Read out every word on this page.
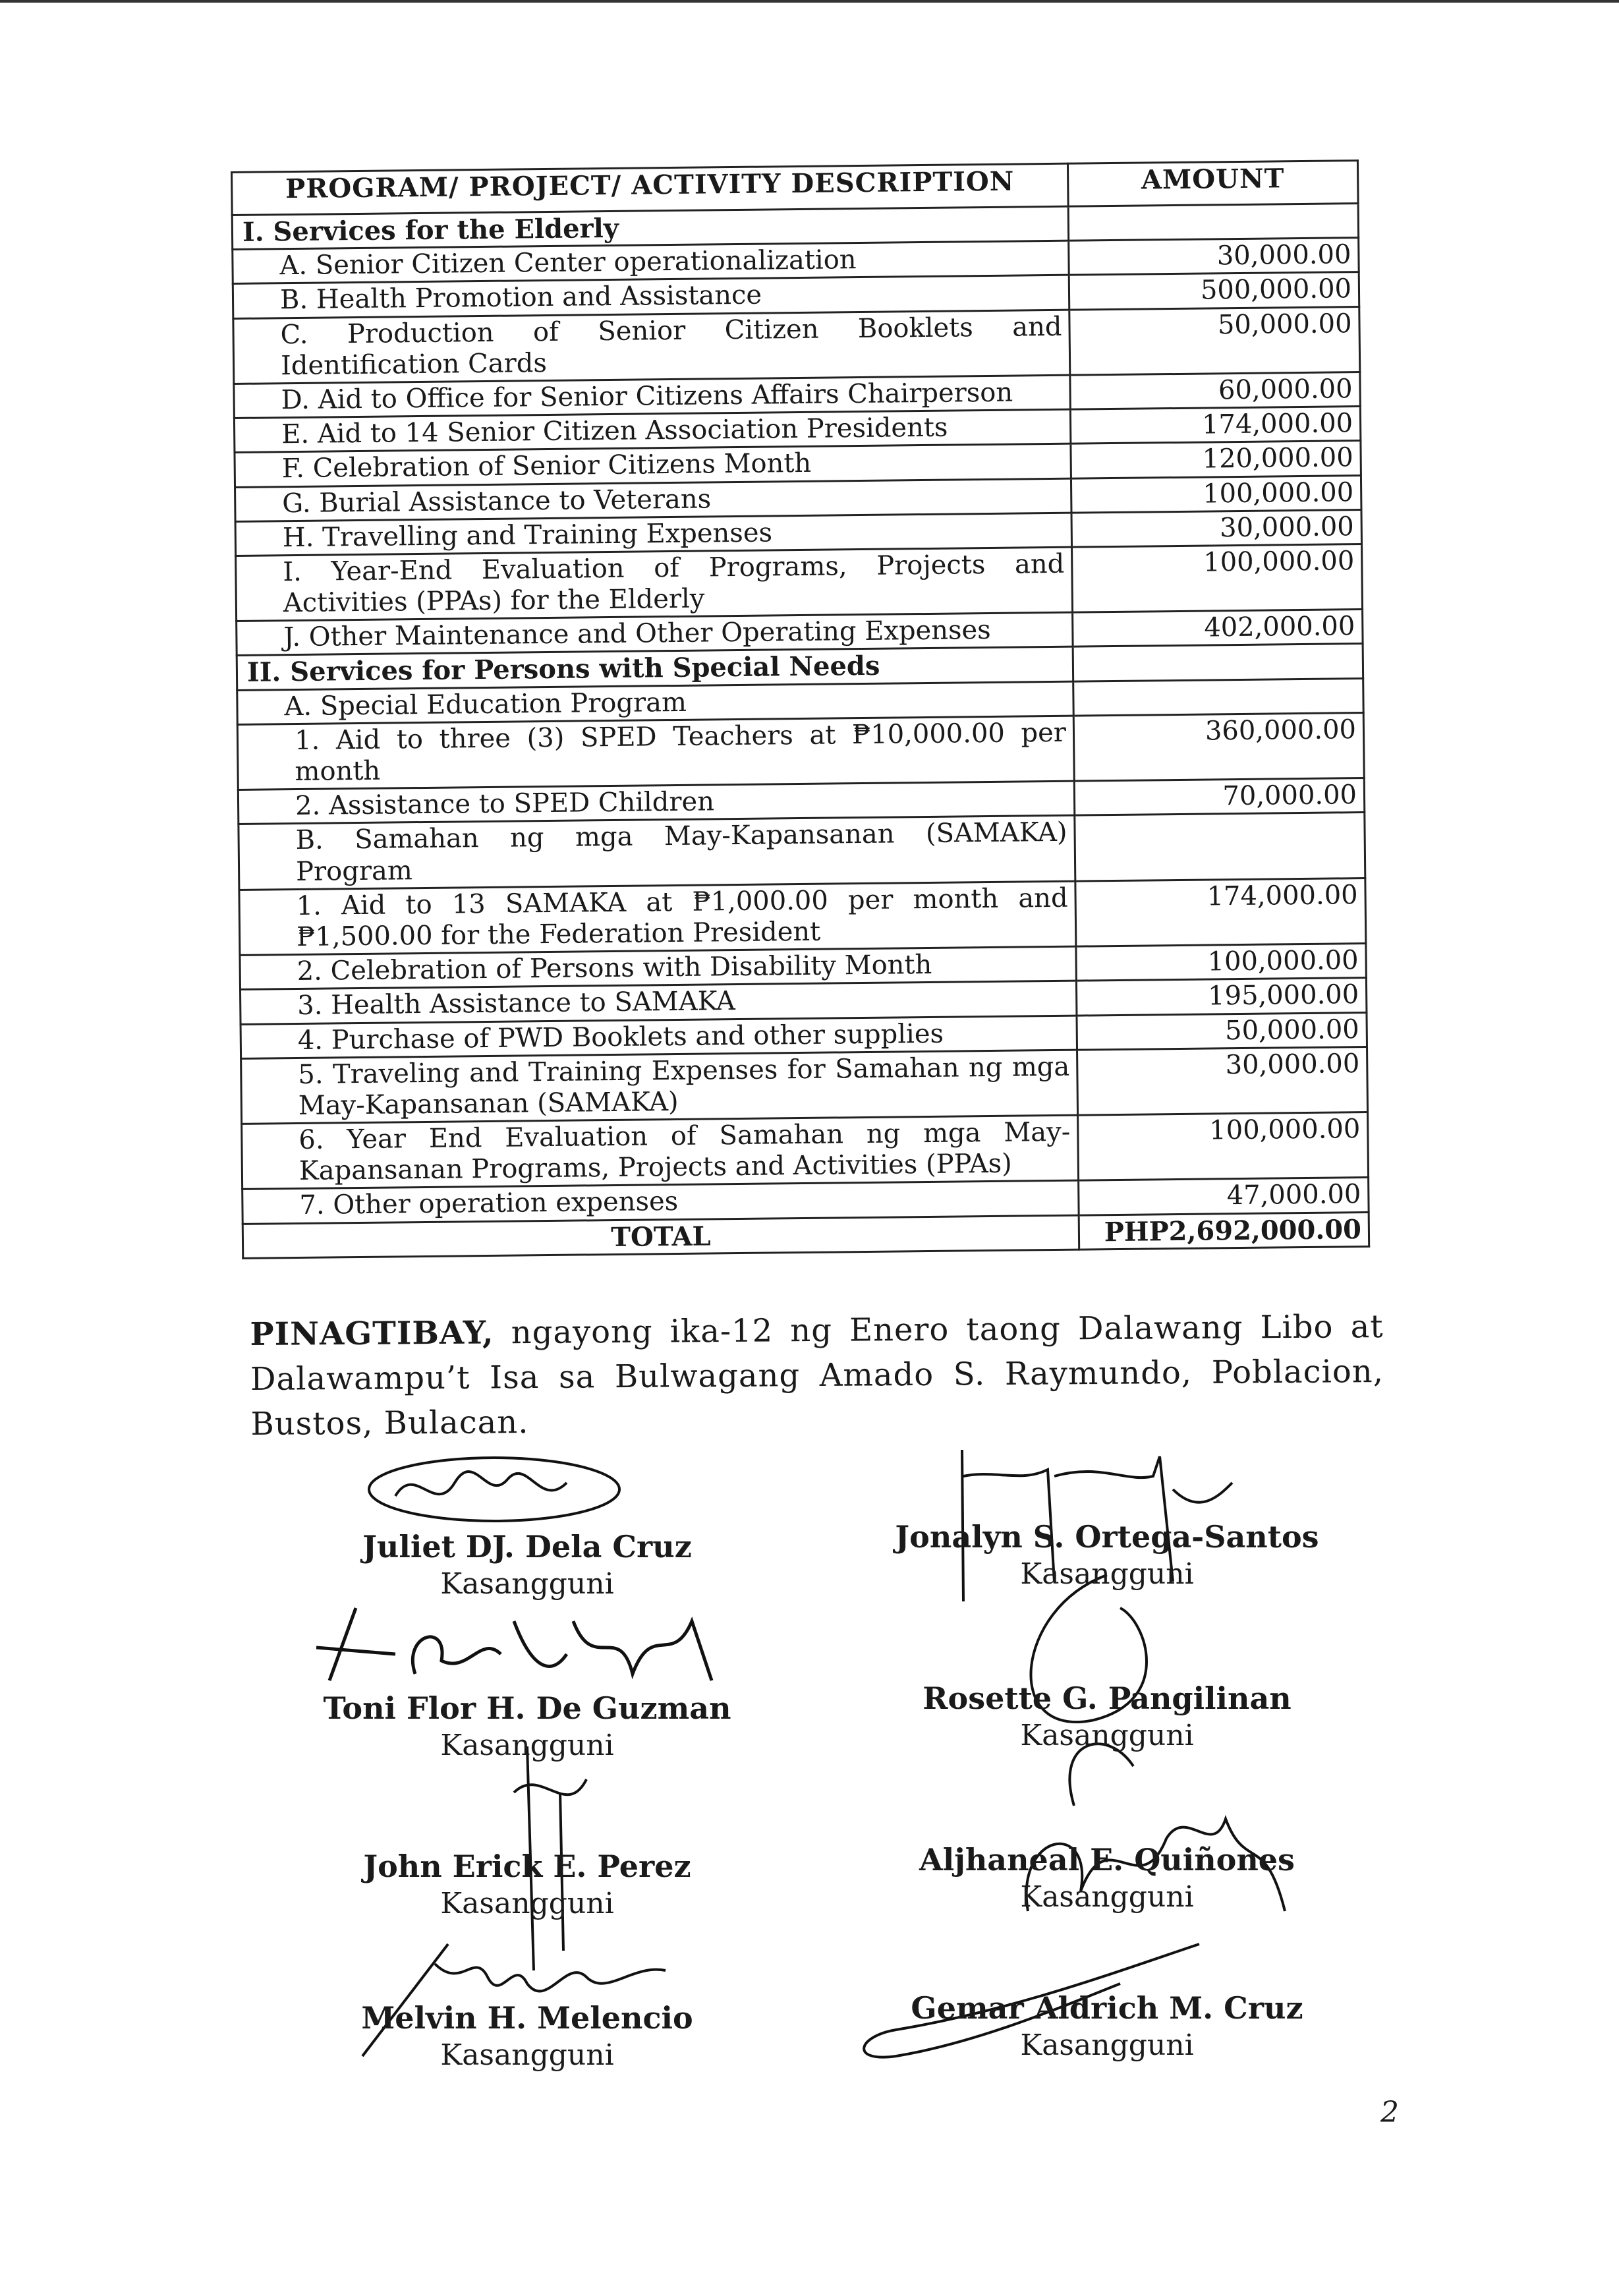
PROGRAM/ PROJECT/ ACTIVITY DESCRIPTION	AMOUNT
I. Services for the Elderly	
A. Senior Citizen Center operationalization	30,000.00
B. Health Promotion and Assistance	500,000.00
C. Production of Senior Citizen Booklets and Identification Cards	50,000.00
D. Aid to Office for Senior Citizens Affairs Chairperson	60,000.00
E. Aid to 14 Senior Citizen Association Presidents	174,000.00
F. Celebration of Senior Citizens Month	120,000.00
G. Burial Assistance to Veterans	100,000.00
H. Travelling and Training Expenses	30,000.00
I. Year-End Evaluation of Programs, Projects and Activities (PPAs) for the Elderly	100,000.00
J. Other Maintenance and Other Operating Expenses	402,000.00
II. Services for Persons with Special Needs	
A. Special Education Program	
1. Aid to three (3) SPED Teachers at ₱10,000.00 per month	360,000.00
2. Assistance to SPED Children	70,000.00
B. Samahan ng mga May-Kapansanan (SAMAKA) Program	
1. Aid to 13 SAMAKA at ₱1,000.00 per month and ₱1,500.00 for the Federation President	174,000.00
2. Celebration of Persons with Disability Month	100,000.00
3. Health Assistance to SAMAKA	195,000.00
4. Purchase of PWD Booklets and other supplies	50,000.00
5. Traveling and Training Expenses for Samahan ng mga May-Kapansanan (SAMAKA)	30,000.00
6. Year End Evaluation of Samahan ng mga May-Kapansanan Programs, Projects and Activities (PPAs)	100,000.00
7. Other operation expenses	47,000.00
TOTAL	PHP2,692,000.00
PINAGTIBAY, ngayong ika-12 ng Enero taong Dalawang Libo at Dalawampu’t Isa sa Bulwagang Amado S. Raymundo, Poblacion, Bustos, Bulacan.
Juliet DJ. Dela Cruz
Kasangguni
Jonalyn S. Ortega-Santos
Kasangguni
Toni Flor H. De Guzman
Kasangguni
Rosette G. Pangilinan
Kasangguni
John Erick E. Perez
Kasangguni
Aljhaneal E. Quiñones
Kasangguni
Melvin H. Melencio
Kasangguni
Gemar Aldrich M. Cruz
Kasangguni
2
